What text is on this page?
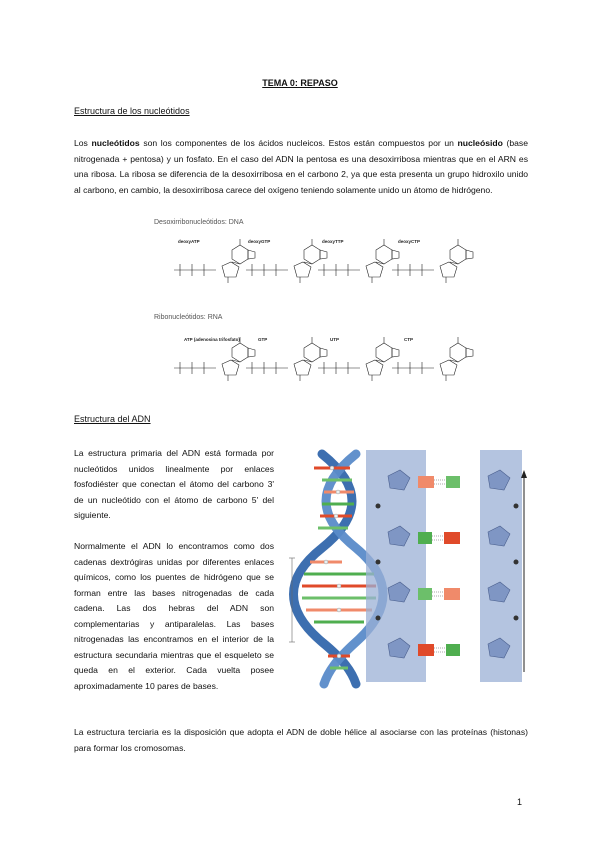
TEMA 0: REPASO
Estructura de los nucleótidos
Los nucleótidos son los componentes de los ácidos nucleicos. Estos están compuestos por un nucleósido (base nitrogenada + pentosa) y un fosfato. En el caso del ADN la pentosa es una desoxirribosa mientras que en el ARN es una ribosa. La ribosa se diferencia de la desoxirribosa en el carbono 2, ya que esta presenta un grupo hidroxilo unido al carbono, en cambio, la desoxirribosa carece del oxígeno teniendo solamente unido un átomo de hidrógeno.
Desoxirribonucleótidos: DNA
Ribonucleótidos: RNA
deoxyATP	deoxyGTP	deoxyTTP	deoxyCTP
ATP (adenosina trifosfato)	GTP	UTP	CTP
Estructura del ADN
La estructura primaria del ADN está formada por nucleótidos unidos linealmente por enlaces fosfodiéster que conectan el átomo del carbono 3' de un nucleótido con el átomo de carbono 5' del siguiente.
Normalmente el ADN lo encontramos como dos cadenas dextrógiras unidas por diferentes enlaces químicos, como los puentes de hidrógeno que se forman entre las bases nitrogenadas de cada cadena. Las dos hebras del ADN son complementarias y antiparalelas. Las bases nitrogenadas las encontramos en el interior de la estructura secundaria mientras que el esqueleto se queda en el exterior. Cada vuelta posee aproximadamente 10 pares de bases.
La estructura terciaria es la disposición que adopta el ADN de doble hélice al asociarse con las proteínas (histonas) para formar los cromosomas.
1
